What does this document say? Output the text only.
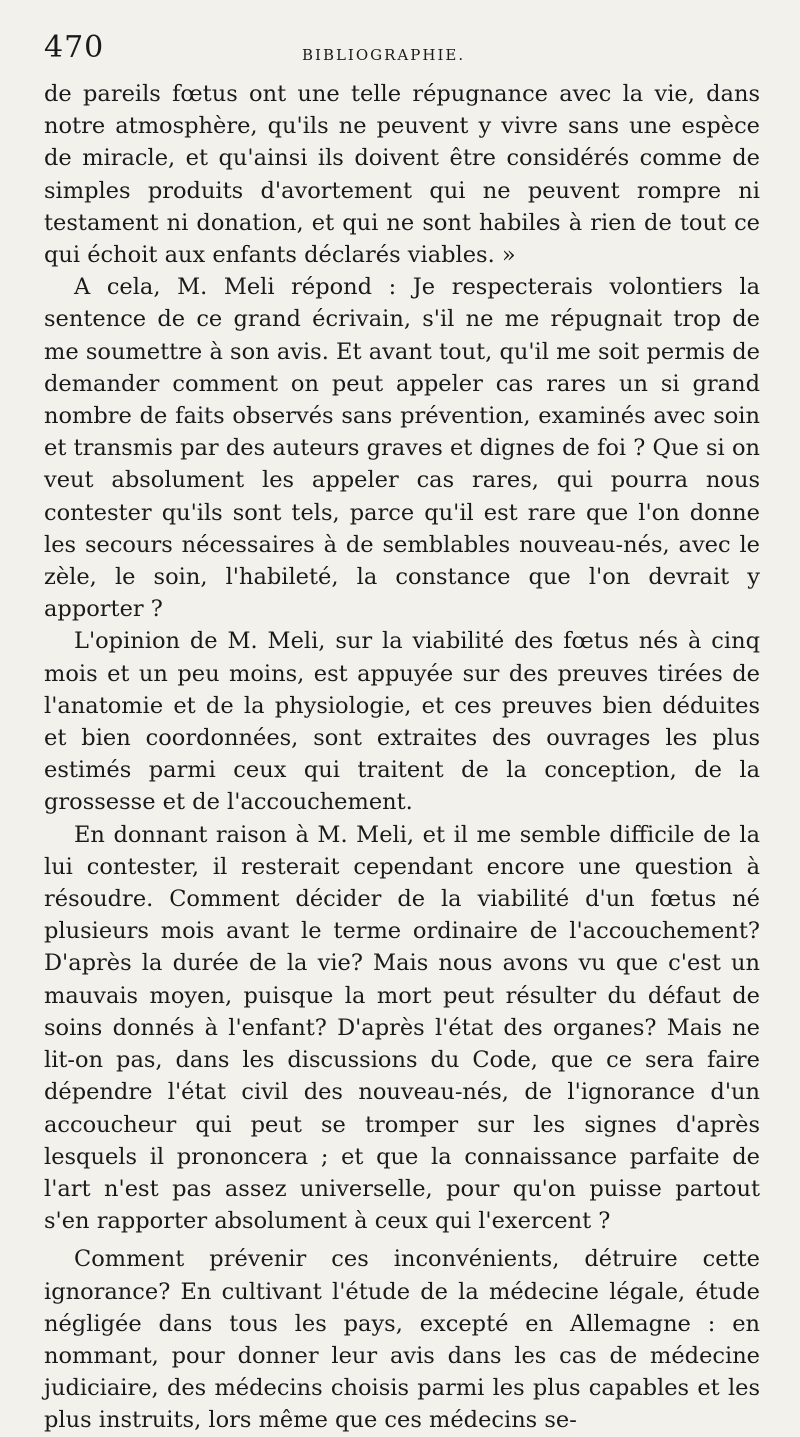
470	BIBLIOGRAPHIE.

de pareils fœtus ont une telle répugnance avec la vie, dans notre atmosphère, qu'ils ne peuvent y vivre sans une espèce de miracle, et qu'ainsi ils doivent être considérés comme de simples produits d'avortement qui ne peuvent rompre ni testament ni donation, et qui ne sont habiles à rien de tout ce qui échoit aux enfants déclarés viables. »

A cela, M. Meli répond : Je respecterais volontiers la sentence de ce grand écrivain, s'il ne me répugnait trop de me soumettre à son avis. Et avant tout, qu'il me soit permis de demander comment on peut appeler cas rares un si grand nombre de faits observés sans prévention, examinés avec soin et transmis par des auteurs graves et dignes de foi ? Que si on veut absolument les appeler cas rares, qui pourra nous contester qu'ils sont tels, parce qu'il est rare que l'on donne les secours nécessaires à de semblables nouveau-nés, avec le zèle, le soin, l'habileté, la constance que l'on devrait y apporter ?

L'opinion de M. Meli, sur la viabilité des fœtus nés à cinq mois et un peu moins, est appuyée sur des preuves tirées de l'anatomie et de la physiologie, et ces preuves bien déduites et bien coordonnées, sont extraites des ouvrages les plus estimés parmi ceux qui traitent de la conception, de la grossesse et de l'accouchement.

En donnant raison à M. Meli, et il me semble difficile de la lui contester, il resterait cependant encore une question à résoudre. Comment décider de la viabilité d'un fœtus né plusieurs mois avant le terme ordinaire de l'accouchement? D'après la durée de la vie? Mais nous avons vu que c'est un mauvais moyen, puisque la mort peut résulter du défaut de soins donnés à l'enfant? D'après l'état des organes? Mais ne lit-on pas, dans les discussions du Code, que ce sera faire dépendre l'état civil des nouveau-nés, de l'ignorance d'un accoucheur qui peut se tromper sur les signes d'après lesquels il prononcera ; et que la connaissance parfaite de l'art n'est pas assez universelle, pour qu'on puisse partout s'en rapporter absolument à ceux qui l'exercent ?

Comment prévenir ces inconvénients, détruire cette ignorance? En cultivant l'étude de la médecine légale, étude négligée dans tous les pays, excepté en Allemagne : en nommant, pour donner leur avis dans les cas de médecine judiciaire, des médecins choisis parmi les plus capables et les plus instruits, lors même que ces médecins se-
